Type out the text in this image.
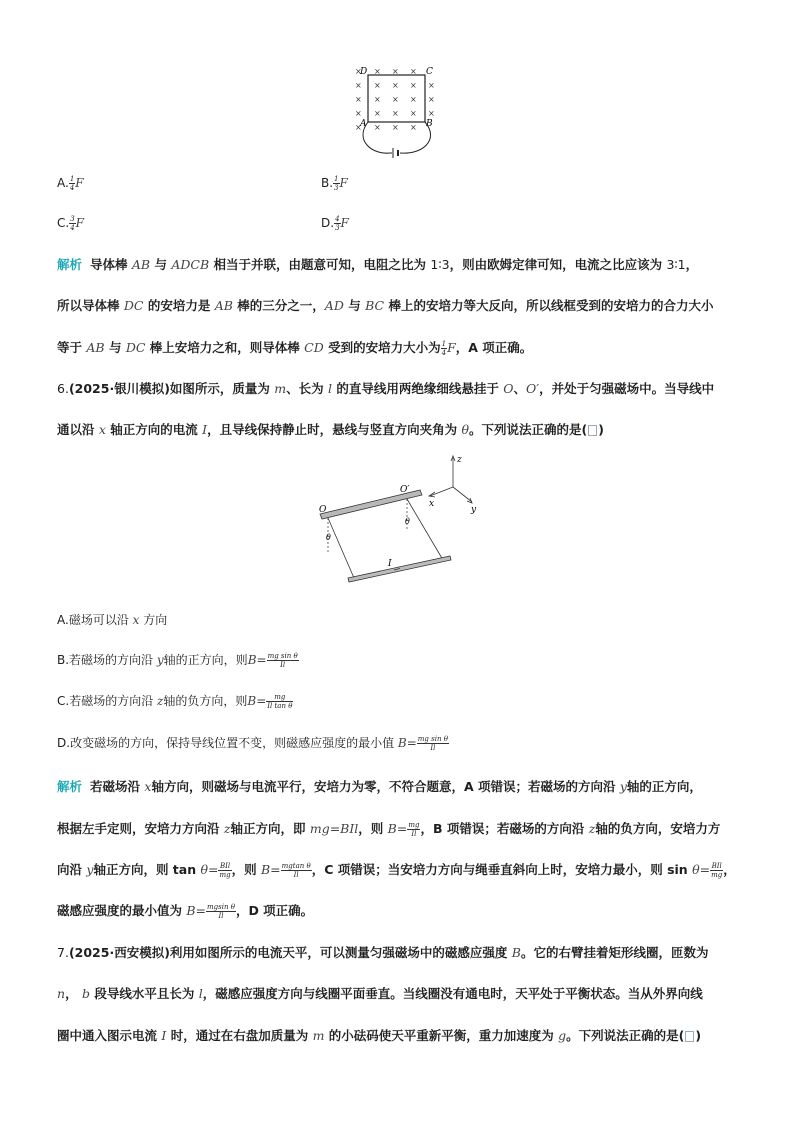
× × × ×
× × × × ×
× × × × ×
× × × × ×
× × × ×
D	C
A	B
A. $\frac{1}{4}$ F	B. $\frac{1}{3}$ F
C. $\frac{3}{4}$ F	D. $\frac{4}{3}$ F
解析 导体棒 AB 与 ADCB 相当于并联，由题意可知，电阻之比为 1∶3，则由欧姆定律可知，电流之比应该为 3∶1，
所以导体棒 DC 的安培力是 AB 棒的三分之一，AD 与 BC 棒上的安培力等大反向，所以线框受到的安培力的合力大小
等于 AB 与 DC 棒上安培力之和，则导体棒 CD 受到的安培力大小为 $\frac{1}{4}$ F，A 项正确。
6.(2025·银川模拟)如图所示，质量为 m、长为 l 的直导线用两绝缘细线悬挂于 O、O′，并处于匀强磁场中。当导线中
通以沿 x 轴正方向的电流 I，且导线保持静止时，悬线与竖直方向夹角为 θ。下列说法正确的是( )
O
O′
θ
θ
I
z
x
y
A.磁场可以沿 x 方向
B.若磁场的方向沿 y轴的正方向，则$B= \frac{\text{mg sin θ}}{Il}$
C.若磁场的方向沿 z轴的负方向，则$B= \frac{mg}{\text{Il tan θ}}$
D.改变磁场的方向，保持导线位置不变，则磁感应强度的最小值 $B= \frac{\text{mg sin θ}}{Il}$
解析 若磁场沿 x轴方向，则磁场与电流平行，安培力为零，不符合题意，A 项错误；若磁场的方向沿 y轴的正方向，
根据左手定则，安培力方向沿 z轴正方向，即 mg=BIl，则 $B= \frac{mg}{Il}$ ，B 项错误；若磁场的方向沿 z轴的负方向，安培力方
向沿 y轴正方向，则 $\tan \theta= \frac{\text{BIl}}{mg}$ ，则 $B= \frac{\text{mgtan θ}}{Il}$ ，C 项错误；当安培力方向与绳垂直斜向上时，安培力最小，则 $\sin \theta= \frac{\text{BIl}}{mg}$ ，
磁感应强度的最小值为 $B= \frac{\text{mgsin θ}}{Il}$ ，D 项正确。
7.(2025·西安模拟)利用如图所示的电流天平，可以测量匀强磁场中的磁感应强度 B。它的右臂挂着矩形线圈，匝数为
n， b 段导线水平且长为 l，磁感应强度方向与线圈平面垂直。当线圈没有通电时，天平处于平衡状态。当从外界向线
圈中通入图示电流 I 时，通过在右盘加质量为 m 的小砝码使天平重新平衡，重力加速度为 g。下列说法正确的是( )
